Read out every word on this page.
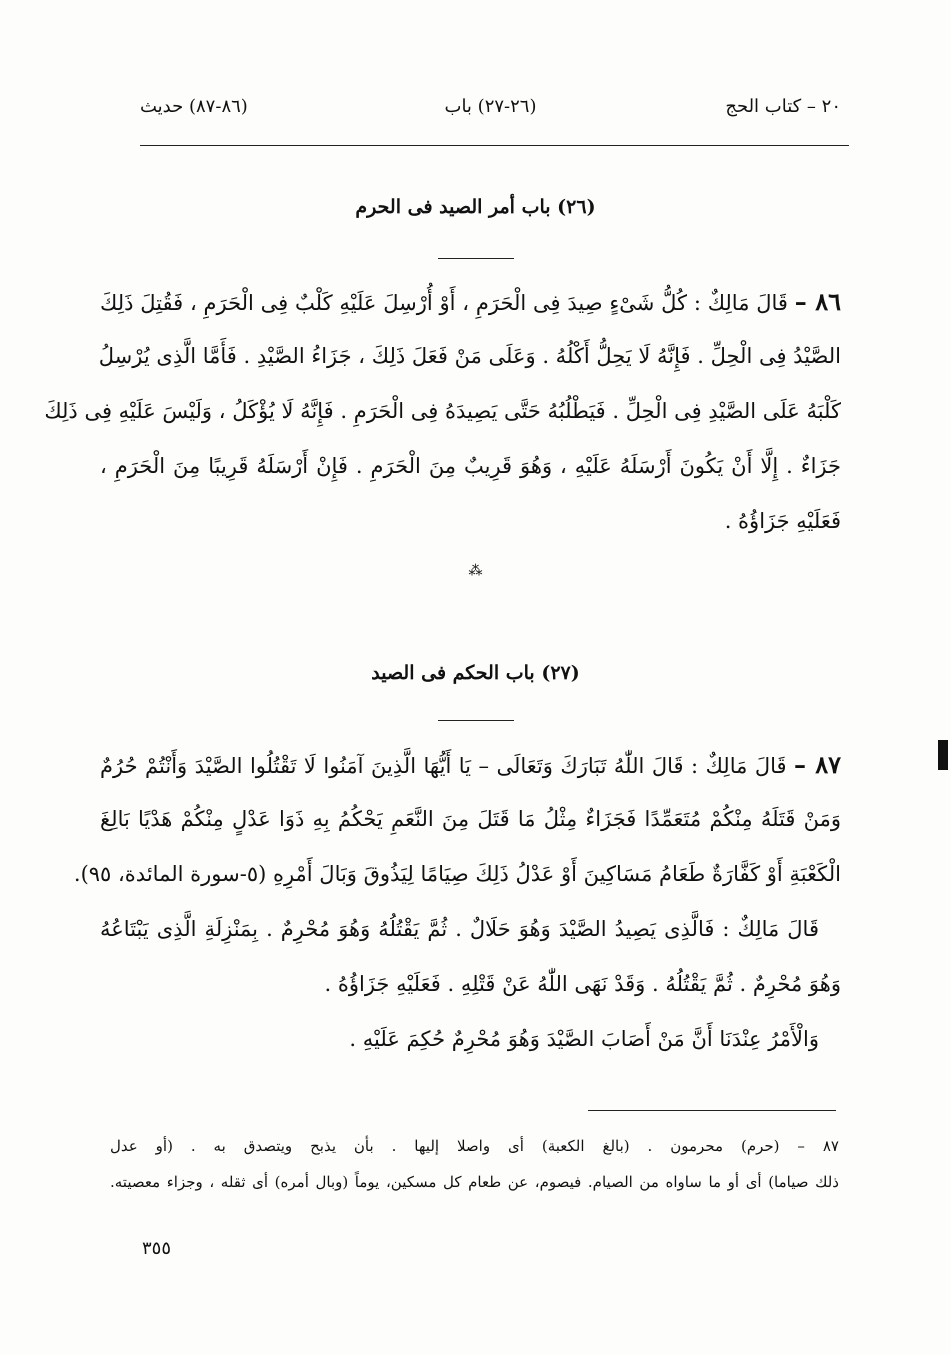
٢٠ – كتاب الحج
(٢٦-٢٧) باب
(٨٦-٨٧) حديث
(٢٦) باب أمر الصيد فى الحرم
٨٦ – قَالَ مَالِكٌ : كُلُّ شَىْءٍ صِيدَ فِى الْحَرَمِ ، أَوْ أُرْسِلَ عَلَيْهِ كَلْبٌ فِى الْحَرَمِ ، فَقُتِلَ ذَلِكَ
الصَّيْدُ فِى الْحِلِّ . فَإِنَّهُ لَا يَحِلُّ أَكْلُهُ . وَعَلَى مَنْ فَعَلَ ذَلِكَ ، جَزَاءُ الصَّيْدِ . فَأَمَّا الَّذِى يُرْسِلُ
كَلْبَهُ عَلَى الصَّيْدِ فِى الْحِلِّ . فَيَطْلُبُهُ حَتَّى يَصِيدَهُ فِى الْحَرَمِ . فَإِنَّهُ لَا يُؤْكَلُ ، وَلَيْسَ عَلَيْهِ فِى ذَلِكَ
جَزَاءٌ . إِلَّا أَنْ يَكُونَ أَرْسَلَهُ عَلَيْهِ ، وَهُوَ قَرِيبٌ مِنَ الْحَرَمِ . فَإِنْ أَرْسَلَهُ قَرِيبًا مِنَ الْحَرَمِ ،
فَعَلَيْهِ جَزَاؤُهُ .
⁂
(٢٧) باب الحكم فى الصيد
٨٧ – قَالَ مَالِكٌ : قَالَ اللّٰهُ تَبَارَكَ وَتَعَالَى – يَا أَيُّهَا الَّذِينَ آمَنُوا لَا تَقْتُلُوا الصَّيْدَ وَأَنْتُمْ حُرُمٌ
وَمَنْ قَتَلَهُ مِنْكُمْ مُتَعَمِّدًا فَجَزَاءٌ مِثْلُ مَا قَتَلَ مِنَ النَّعَمِ يَحْكُمُ بِهِ ذَوَا عَدْلٍ مِنْكُمْ هَدْيًا بَالِغَ
الْكَعْبَةِ أَوْ كَفَّارَةٌ طَعَامُ مَسَاكِينَ أَوْ عَدْلُ ذَلِكَ صِيَامًا لِيَذُوقَ وَبَالَ أَمْرِهِ (٥-سورة المائدة، ٩٥).
قَالَ مَالِكٌ : فَالَّذِى يَصِيدُ الصَّيْدَ وَهُوَ حَلَالٌ . ثُمَّ يَقْتُلُهُ وَهُوَ مُحْرِمٌ . بِمَنْزِلَةِ الَّذِى يَبْتَاعُهُ
وَهُوَ مُحْرِمٌ . ثُمَّ يَقْتُلُهُ . وَقَدْ نَهَى اللّٰهُ عَنْ قَتْلِهِ . فَعَلَيْهِ جَزَاؤُهُ .
وَالْأَمْرُ عِنْدَنَا أَنَّ مَنْ أَصَابَ الصَّيْدَ وَهُوَ مُحْرِمٌ حُكِمَ عَلَيْهِ .
٨٧ – (حرم) محرمون . (بالغ الكعبة) أى واصلا إليها . بأن يذبح ويتصدق به . (أو عدل
ذلك صياما) أى أو ما ساواه من الصيام. فيصوم، عن طعام كل مسكين، يوماً (وبال أمره) أى ثقله ، وجزاء معصيته.
٣٥٥
